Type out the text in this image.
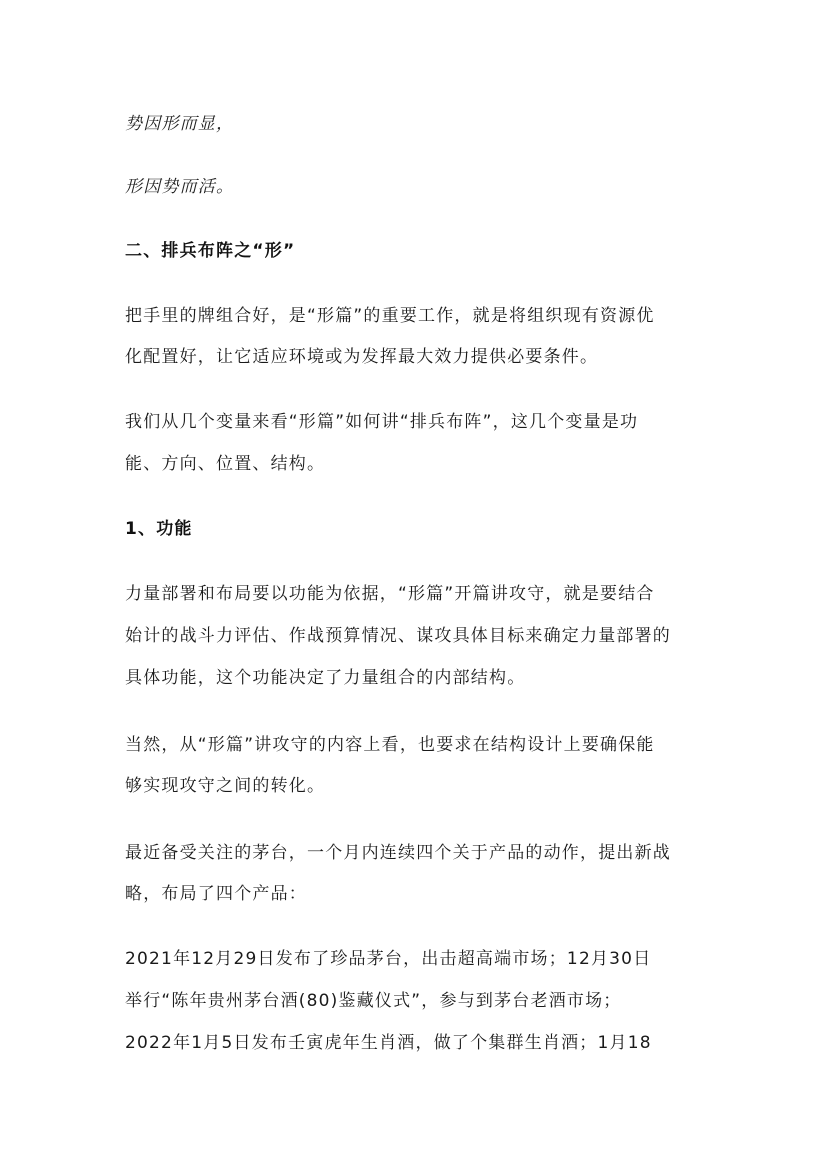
势因形而显，

形因势而活。

二、排兵布阵之“形”

把手里的牌组合好，是“形篇”的重要工作，就是将组织现有资源优

化配置好，让它适应环境或为发挥最大效力提供必要条件。

我们从几个变量来看“形篇”如何讲“排兵布阵”，这几个变量是功

能、方向、位置、结构。

1、功能

力量部署和布局要以功能为依据，“形篇”开篇讲攻守，就是要结合

始计的战斗力评估、作战预算情况、谋攻具体目标来确定力量部署的

具体功能，这个功能决定了力量组合的内部结构。

当然，从“形篇”讲攻守的内容上看，也要求在结构设计上要确保能

够实现攻守之间的转化。

最近备受关注的茅台，一个月内连续四个关于产品的动作，提出新战

略，布局了四个产品：

2021年12月29日发布了珍品茅台，出击超高端市场；12月30日

举行“陈年贵州茅台酒(80)鉴藏仪式”，参与到茅台老酒市场；

2022年1月5日发布壬寅虎年生肖酒，做了个集群生肖酒；1月18
